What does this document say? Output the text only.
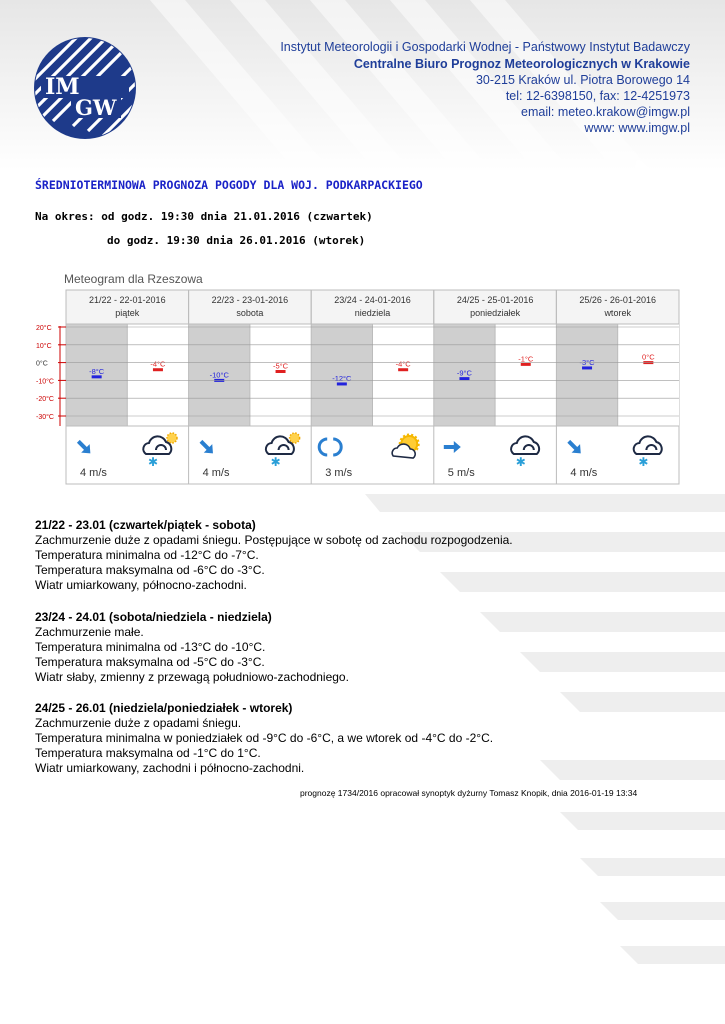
IM
GW
Instytut Meteorologii i Gospodarki Wodnej - Państwowy Instytut Badawczy
Centralne Biuro Prognoz Meteorologicznych w Krakowie
30-215 Kraków ul. Piotra Borowego 14
tel: 12-6398150, fax: 12-4251973
email: meteo.krakow@imgw.pl
www: www.imgw.pl
ŚREDNIOTERMINOWA PROGNOZA POGODY DLA WOJ. PODKARPACKIEGO
Na okres: od godz. 19:30 dnia 21.01.2016 (czwartek)
do godz. 19:30 dnia 26.01.2016 (wtorek)
Meteogram dla Rzeszowa
21/22 - 22-01-2016
piątek
-8°C
-4°C
4 m/s
✱
22/23 - 23-01-2016
sobota
-10°C
-5°C
4 m/s
✱
23/24 - 24-01-2016
niedziela
-12°C
-4°C
3 m/s
24/25 - 25-01-2016
poniedziałek
-9°C
-1°C
5 m/s
✱
25/26 - 26-01-2016
wtorek
-3°C
0°C
4 m/s
✱
20°C
10°C
0°C
-10°C
-20°C
-30°C
21/22 - 23.01 (czwartek/piątek - sobota)
Zachmurzenie duże z opadami śniegu. Postępujące w sobotę od zachodu rozpogodzenia.
Temperatura minimalna od -12°C do -7°C.
Temperatura maksymalna od -6°C do -3°C.
Wiatr umiarkowany, północno-zachodni.
23/24 - 24.01 (sobota/niedziela - niedziela)
Zachmurzenie małe.
Temperatura minimalna od -13°C do -10°C.
Temperatura maksymalna od -5°C do -3°C.
Wiatr słaby, zmienny z przewagą południowo-zachodniego.
24/25 - 26.01 (niedziela/poniedziałek - wtorek)
Zachmurzenie duże z opadami śniegu.
Temperatura minimalna w poniedziałek od -9°C do -6°C, a we wtorek od -4°C do -2°C.
Temperatura maksymalna od -1°C do 1°C.
Wiatr umiarkowany, zachodni i północno-zachodni.
prognozę 1734/2016 opracował synoptyk dyżurny Tomasz Knopik, dnia 2016-01-19 13:34
